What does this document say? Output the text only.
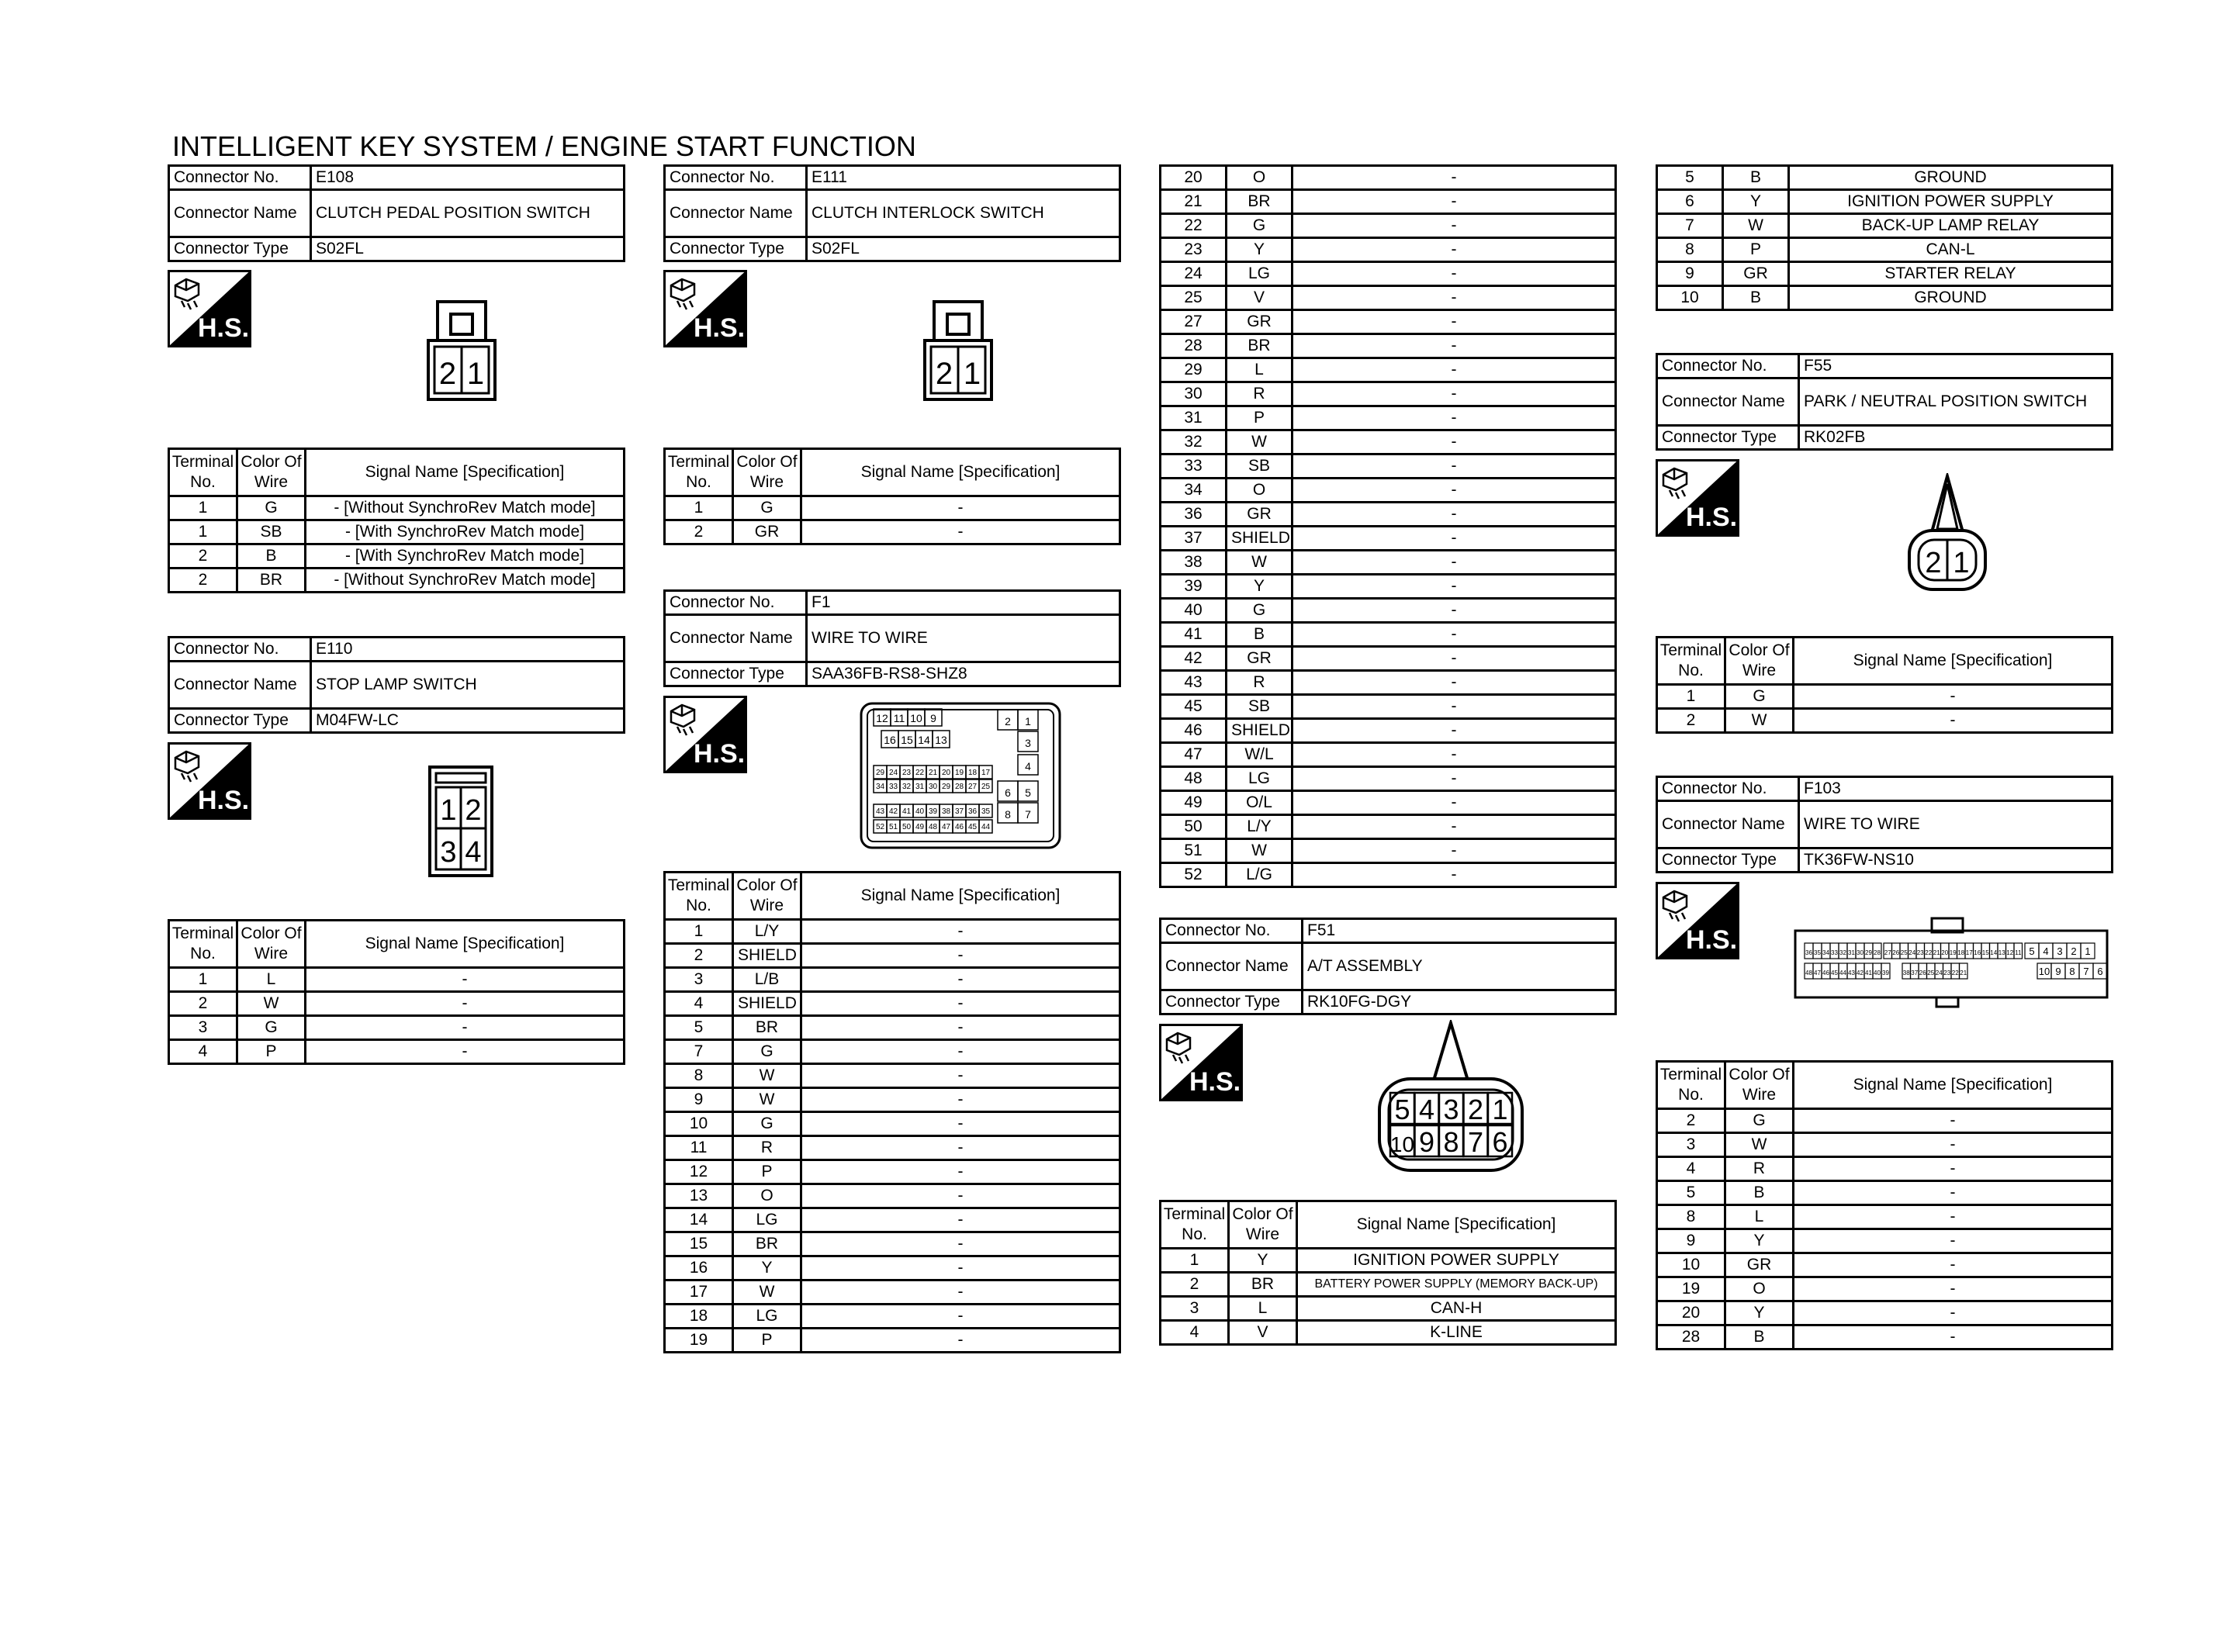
INTELLIGENT KEY SYSTEM / ENGINE START FUNCTION
Connector No.	E108
Connector Name	CLUTCH PEDAL POSITION SWITCH
Connector Type	S02FL
H.S.
2 1
Terminal No.	Color Of Wire	Signal Name [Specification]
1	G	- [Without SynchroRev Match mode]
1	SB	- [With SynchroRev Match mode]
2	B	- [With SynchroRev Match mode]
2	BR	- [Without SynchroRev Match mode]
Connector No.	E110
Connector Name	STOP LAMP SWITCH
Connector Type	M04FW-LC
H.S.	1 2
3 4
Terminal No.	Color Of Wire	Signal Name [Specification]
1	L	-
2	W	-
3	G	-
4	P	-
Connector No.	E111
Connector Name	CLUTCH INTERLOCK SWITCH
Connector Type	S02FL
H.S.
2 1
Terminal No.	Color Of Wire	Signal Name [Specification]
1	G	-
2	GR	-
Connector No.	F1
Connector Name	WIRE TO WIRE
Connector Type	SAA36FB-RS8-SHZ8
H.S.
12 11 10 9
16 15 14 13
29 24 23 22 21 20 19 18 17
34 33 32 31 30 29 28 27 25
43 42 41 40 39 38 37 36 35
52 51 50 49 48 47 46 45 44
2 1
3
4
6 5
8 7
Terminal No.	Color Of Wire	Signal Name [Specification]
1	L/Y	-
2	SHIELD	-
3	L/B	-
4	SHIELD	-
5	BR	-
7	G	-
8	W	-
9	W	-
10	G	-
11	R	-
12	P	-
13	O	-
14	LG	-
15	BR	-
16	Y	-
17	W	-
18	LG	-
19	P	-
20	O	-
21	BR	-
22	G	-
23	Y	-
24	LG	-
25	V	-
27	GR	-
28	BR	-
29	L	-
30	R	-
31	P	-
32	W	-
33	SB	-
34	O	-
36	GR	-
37	SHIELD	-
38	W	-
39	Y	-
40	G	-
41	B	-
42	GR	-
43	R	-
45	SB	-
46	SHIELD	-
47	W/L	-
48	LG	-
49	O/L	-
50	L/Y	-
51	W	-
52	L/G	-
Connector No.	F51
Connector Name	A/T ASSEMBLY
Connector Type	RK10FG-DGY
H.S.
5 4 3 2 1
10 9 8 7 6
Terminal No.	Color Of Wire	Signal Name [Specification]
1	Y	IGNITION POWER SUPPLY
2	BR	BATTERY POWER SUPPLY (MEMORY BACK-UP)
3	L	CAN-H
4	V	K-LINE
5	B	GROUND
6	Y	IGNITION POWER SUPPLY
7	W	BACK-UP LAMP RELAY
8	P	CAN-L
9	GR	STARTER RELAY
10	B	GROUND
Connector No.	F55
Connector Name	PARK / NEUTRAL POSITION SWITCH
Connector Type	RK02FB
H.S.
2 1
Terminal No.	Color Of Wire	Signal Name [Specification]
1	G	-
2	W	-
Connector No.	F103
Connector Name	WIRE TO WIRE
Connector Type	TK36FW-NS10
H.S.	36 35 34 33 32 31 30 29 28
48 47 46 45 44 43 42 41 40 39
27 26 25 24 23 22 21 20 19 18 17 16 15 14 13 12 11
38 37 26 25 24 23 22 21
5 4 3 2 1
10 9 8 7 6
Terminal No.	Color Of Wire	Signal Name [Specification]
2	G	-
3	W	-
4	R	-
5	B	-
8	L	-
9	Y	-
10	GR	-
19	O	-
20	Y	-
28	B	-
